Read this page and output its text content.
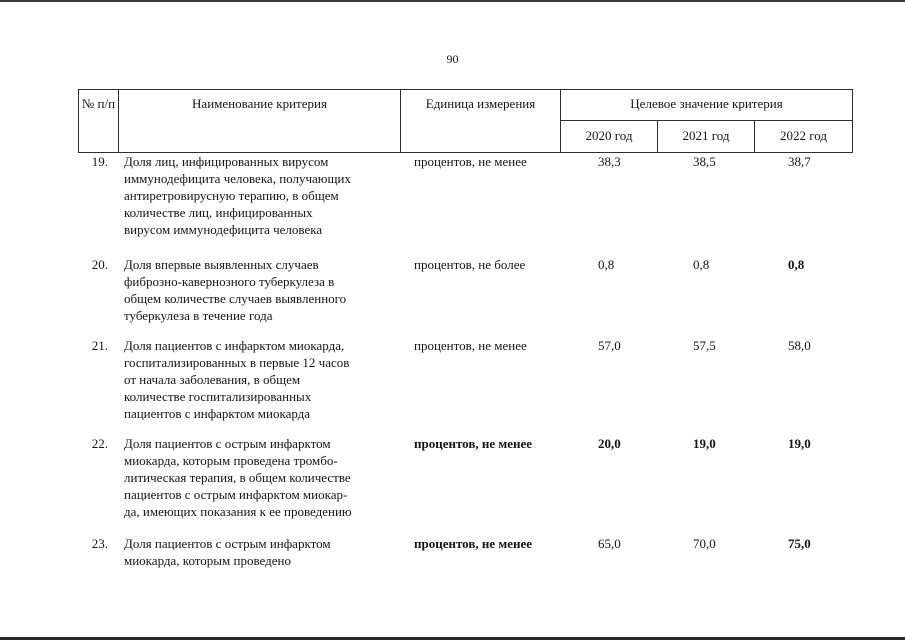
90
№ п/п	Наименование критерия	Единица измерения	Целевое значение критерия
2020 год	2021 год	2022 год
19. Доля лиц, инфицированных вирусом
иммунодефицита человека, получающих
антиретровирусную терапию, в общем
количестве лиц, инфицированных
вирусом иммунодефицита человека
процентов, не менее	38,3	38,5	38,7
20. Доля впервые выявленных случаев
фиброзно-кавернозного туберкулеза в
общем количестве случаев выявленного
туберкулеза в течение года
процентов, не более	0,8	0,8	0,8
21. Доля пациентов с инфарктом миокарда,
госпитализированных в первые 12 часов
от начала заболевания, в общем
количестве госпитализированных
пациентов с инфарктом миокарда
процентов, не менее	57,0	57,5	58,0
22. Доля пациентов с острым инфарктом
миокарда, которым проведена тромбо-
литическая терапия, в общем количестве
пациентов с острым инфарктом миокар-
да, имеющих показания к ее проведению
процентов, не менее	20,0	19,0	19,0
23. Доля пациентов с острым инфарктом
миокарда, которым проведено
процентов, не менее	65,0	70,0	75,0
